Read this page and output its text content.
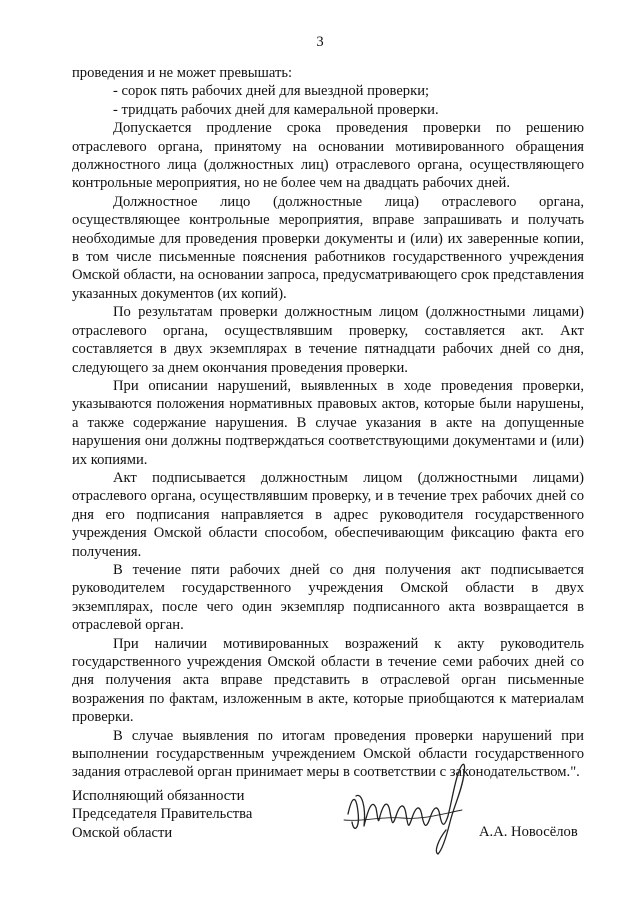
3

проведения и не может превышать:

- сорок пять рабочих дней для выездной проверки;

- тридцать рабочих дней для камеральной проверки.

Допускается продление срока проведения проверки по решению отраслевого органа, принятому на основании мотивированного обращения должностного лица (должностных лиц) отраслевого органа, осуществляющего контрольные мероприятия, но не более чем на двадцать рабочих дней.

Должностное лицо (должностные лица) отраслевого органа, осуществляющее контрольные мероприятия, вправе запрашивать и получать необходимые для проведения проверки документы и (или) их заверенные копии, в том числе письменные пояснения работников государственного учреждения Омской области, на основании запроса, предусматривающего срок представления указанных документов (их копий).

По результатам проверки должностным лицом (должностными лицами) отраслевого органа, осуществлявшим проверку, составляется акт. Акт составляется в двух экземплярах в течение пятнадцати рабочих дней со дня, следующего за днем окончания проведения проверки.

При описании нарушений, выявленных в ходе проведения проверки, указываются положения нормативных правовых актов, которые были нарушены, а также содержание нарушения. В случае указания в акте на допущенные нарушения они должны подтверждаться соответствующими документами и (или) их копиями.

Акт подписывается должностным лицом (должностными лицами) отраслевого органа, осуществлявшим проверку, и в течение трех рабочих дней со дня его подписания направляется в адрес руководителя государственного учреждения Омской области способом, обеспечивающим фиксацию факта его получения.

В течение пяти рабочих дней со дня получения акт подписывается руководителем государственного учреждения Омской области в двух экземплярах, после чего один экземпляр подписанного акта возвращается в отраслевой орган.

При наличии мотивированных возражений к акту руководитель государственного учреждения Омской области в течение семи рабочих дней со дня получения акта вправе представить в отраслевой орган письменные возражения по фактам, изложенным в акте, которые приобщаются к материалам проверки.

В случае выявления по итогам проведения проверки нарушений при выполнении государственным учреждением Омской области государственного задания отраслевой орган принимает меры в соответствии с законодательством.".

Исполняющий обязанности

Председателя Правительства

Омской области	А.А. Новосёлов
